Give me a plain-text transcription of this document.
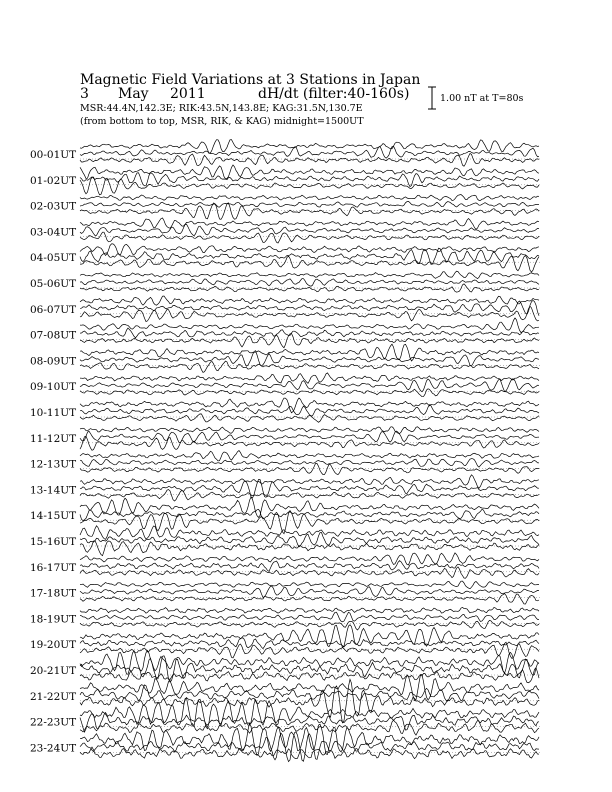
Magnetic Field Variations at 3 Stations in Japan
3 May 2011	dH/dt (filter:40-160s)
MSR:44.4N,142.3E; RIK:43.5N,143.8E; KAG:31.5N,130.7E
(from bottom to top, MSR, RIK, & KAG) midnight=1500UT
1.00 nT at T=80s
00-01UT
01-02UT
02-03UT
03-04UT
04-05UT
05-06UT
06-07UT
07-08UT
08-09UT
09-10UT
10-11UT
11-12UT
12-13UT
13-14UT
14-15UT
15-16UT
16-17UT
17-18UT
18-19UT
19-20UT
20-21UT
21-22UT
22-23UT
23-24UT
